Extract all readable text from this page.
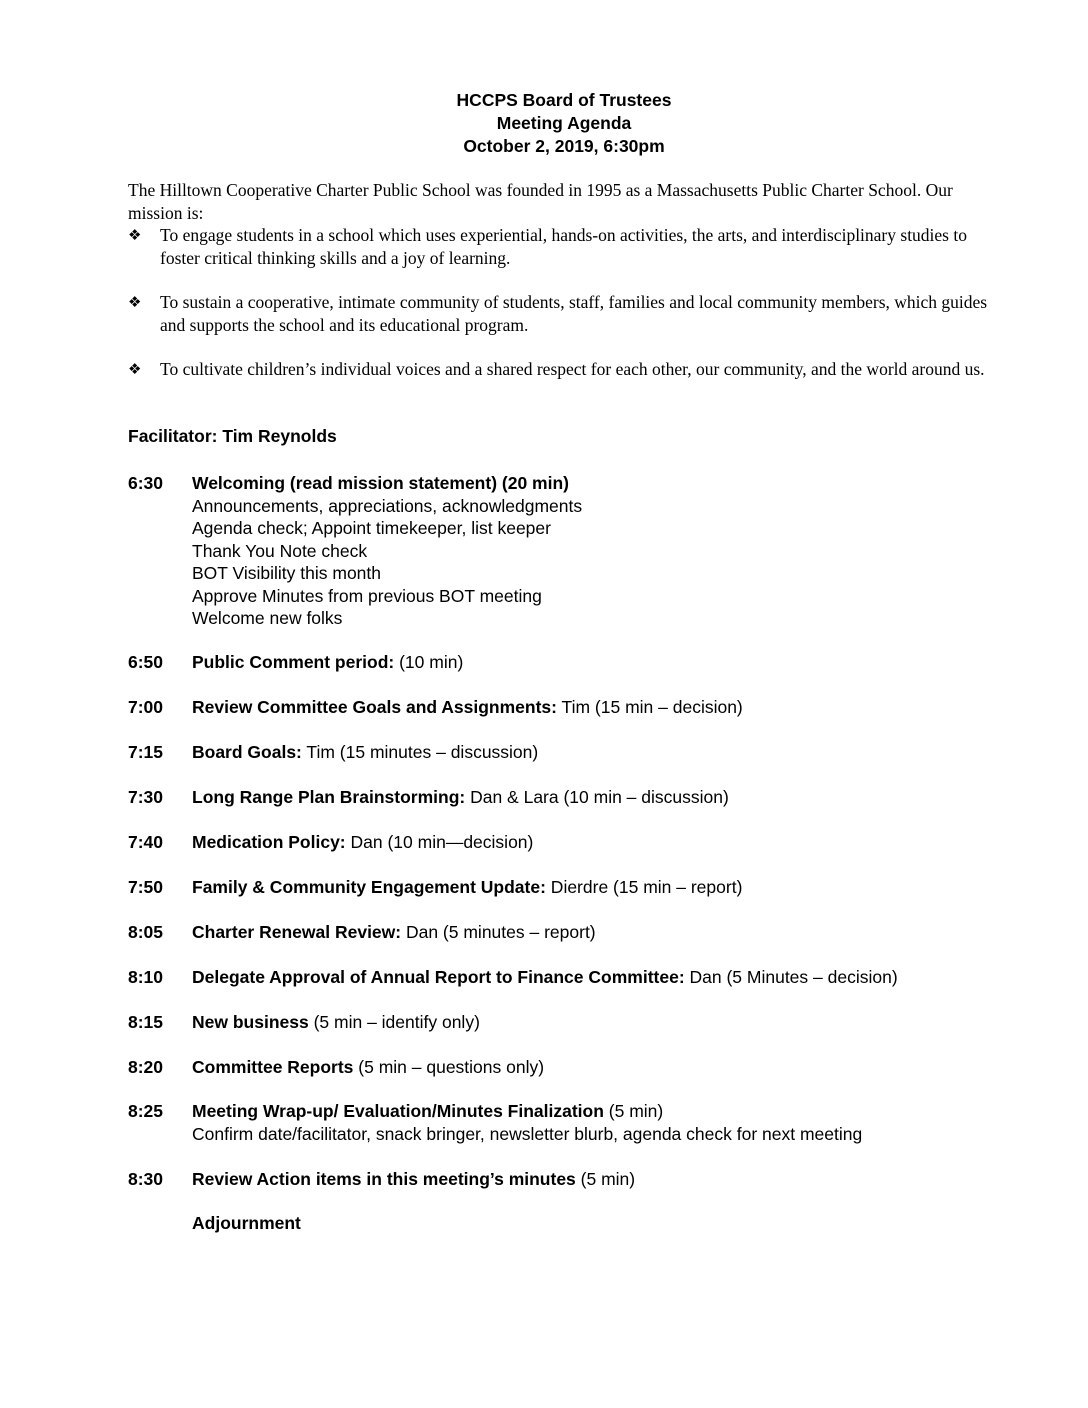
HCCPS Board of Trustees
Meeting Agenda
October 2, 2019, 6:30pm
The Hilltown Cooperative Charter Public School was founded in 1995 as a Massachusetts Public Charter School. Our mission is:
❖	To engage students in a school which uses experiential, hands-on activities, the arts, and interdisciplinary studies to foster critical thinking skills and a joy of learning.
❖	To sustain a cooperative, intimate community of students, staff, families and local community members, which guides and supports the school and its educational program.
❖	To cultivate children’s individual voices and a shared respect for each other, our community, and the world around us.
Facilitator: Tim Reynolds
6:30 Welcoming (read mission statement) (20 min)
Announcements, appreciations, acknowledgments
Agenda check; Appoint timekeeper, list keeper
Thank You Note check
BOT Visibility this month
Approve Minutes from previous BOT meeting
Welcome new folks
6:50 Public Comment period: (10 min)
7:00 Review Committee Goals and Assignments: Tim (15 min – decision)
7:15 Board Goals: Tim (15 minutes – discussion)
7:30 Long Range Plan Brainstorming: Dan & Lara (10 min – discussion)
7:40 Medication Policy: Dan (10 min—decision)
7:50 Family & Community Engagement Update: Dierdre (15 min – report)
8:05 Charter Renewal Review: Dan (5 minutes – report)
8:10 Delegate Approval of Annual Report to Finance Committee: Dan (5 Minutes – decision)
8:15 New business (5 min – identify only)
8:20 Committee Reports (5 min – questions only)
8:25 Meeting Wrap-up/ Evaluation/Minutes Finalization (5 min)
Confirm date/facilitator, snack bringer, newsletter blurb, agenda check for next meeting
8:30 Review Action items in this meeting’s minutes (5 min)
Adjournment
